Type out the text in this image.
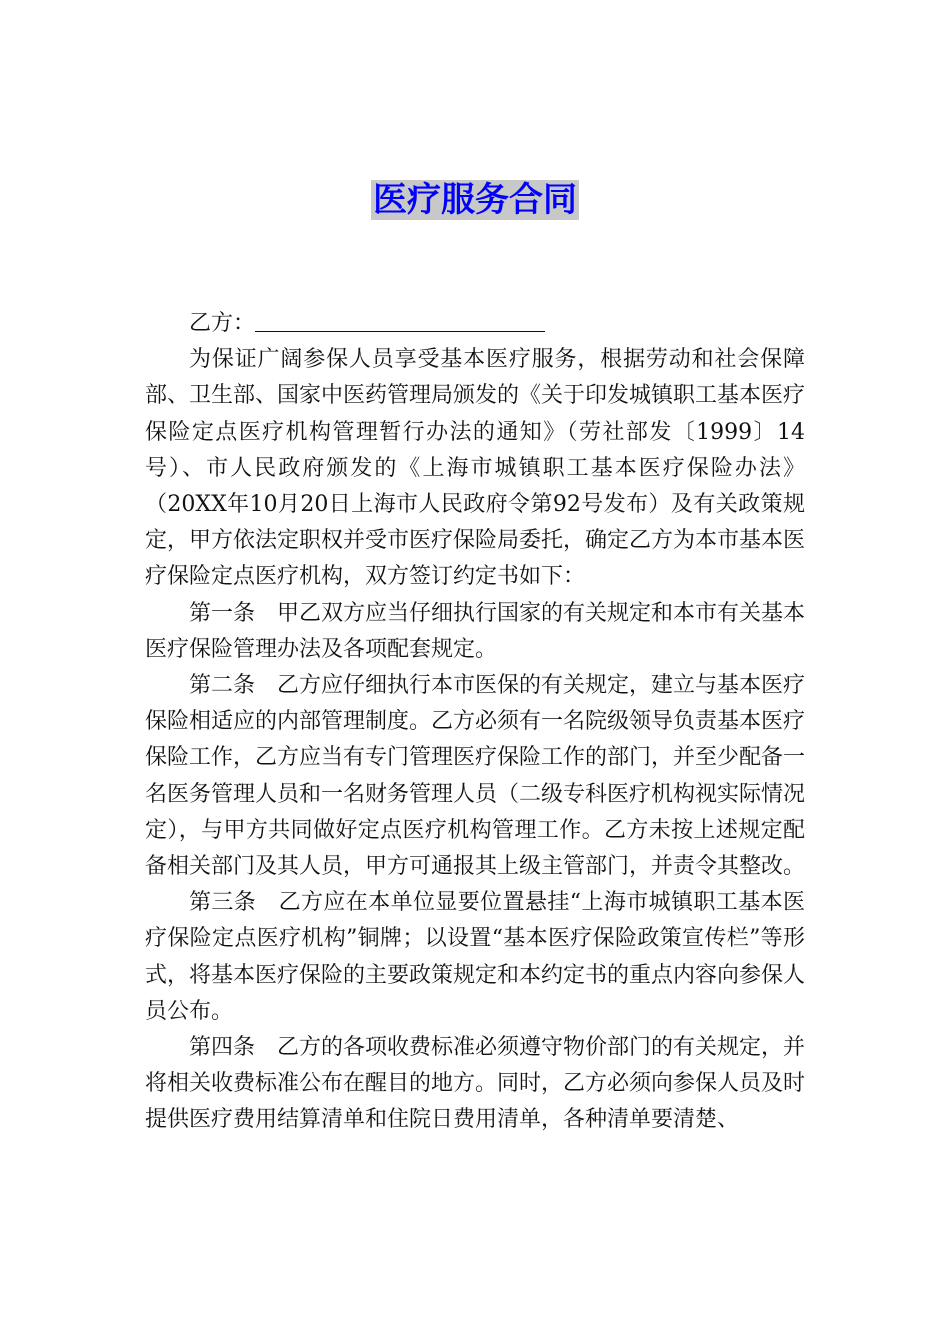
医疗服务合同

乙方：

为保证广阔参保人员享受基本医疗服务，根据劳动和社会保障部、卫生部、国家中医药管理局颁发的《关于印发城镇职工基本医疗保险定点医疗机构管理暂行办法的通知》（劳社部发〔1999〕14号）、市人民政府颁发的《上海市城镇职工基本医疗保险办法》（20XX年10月20日上海市人民政府令第92号发布）及有关政策规定，甲方依法定职权并受市医疗保险局委托，确定乙方为本市基本医疗保险定点医疗机构，双方签订约定书如下：

第一条　甲乙双方应当仔细执行国家的有关规定和本市有关基本医疗保险管理办法及各项配套规定。

第二条　乙方应仔细执行本市医保的有关规定，建立与基本医疗保险相适应的内部管理制度。乙方必须有一名院级领导负责基本医疗保险工作，乙方应当有专门管理医疗保险工作的部门，并至少配备一名医务管理人员和一名财务管理人员（二级专科医疗机构视实际情况定），与甲方共同做好定点医疗机构管理工作。乙方未按上述规定配备相关部门及其人员，甲方可通报其上级主管部门，并责令其整改。

第三条　乙方应在本单位显要位置悬挂“上海市城镇职工基本医疗保险定点医疗机构”铜牌；以设置“基本医疗保险政策宣传栏”等形式，将基本医疗保险的主要政策规定和本约定书的重点内容向参保人员公布。

第四条　乙方的各项收费标准必须遵守物价部门的有关规定，并将相关收费标准公布在醒目的地方。同时，乙方必须向参保人员及时提供医疗费用结算清单和住院日费用清单，各种清单要清楚、
